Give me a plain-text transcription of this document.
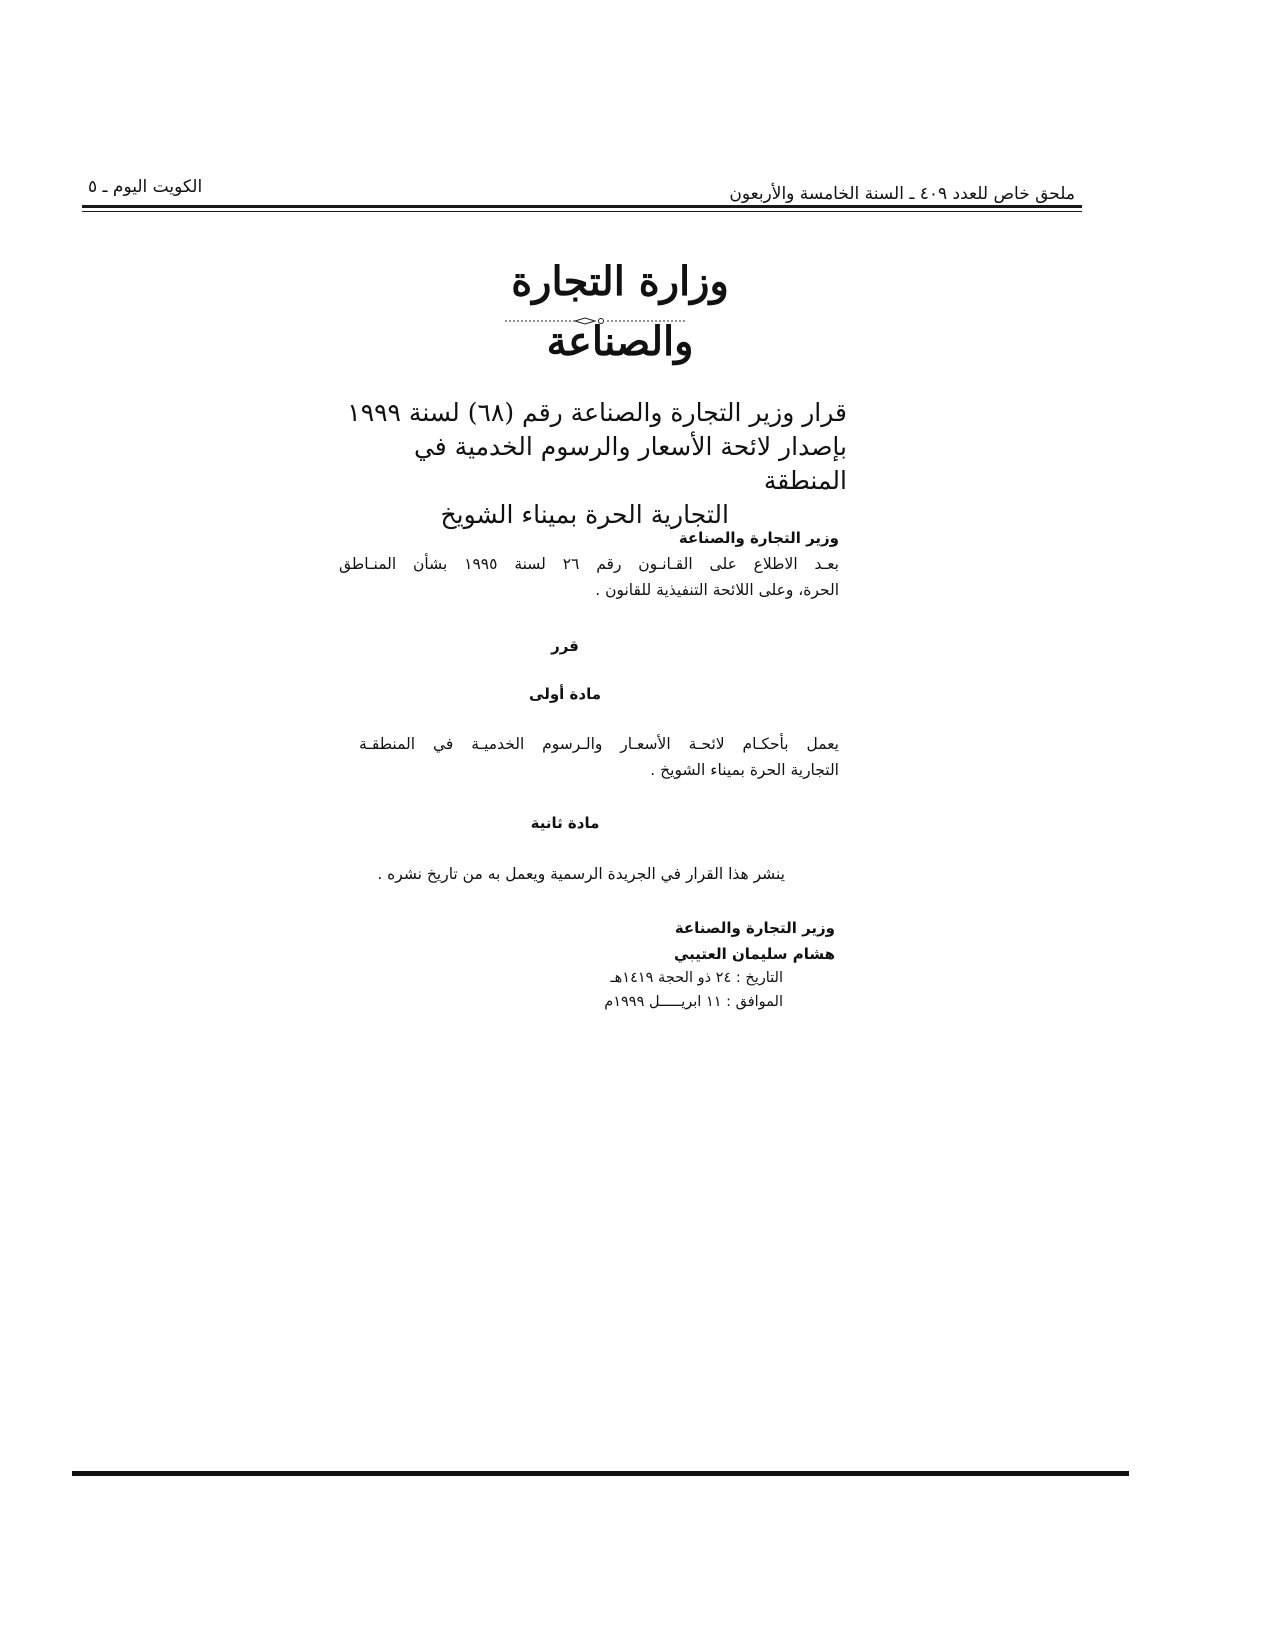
ملحق خاص للعدد ٤٠٩ ـ السنة الخامسة والأربعون
الكويت اليوم ـ ٥
وزارة التجارة والصناعة
قرار وزير التجارة والصناعة رقم (٦٨) لسنة ١٩٩٩
بإصدار لائحة الأسعار والرسوم الخدمية في المنطقة
التجارية الحرة بميناء الشويخ
وزير التجارة والصناعة
بعـد الاطلاع على القـانـون رقم ٢٦ لسنة ١٩٩٥ بشأن المنـاطق
الحرة، وعلى اللائحة التنفيذية للقانون .
قرر
مادة أولى
يعمل بأحكـام لائحـة الأسعـار والـرسوم الخدميـة في المنطقـة
التجارية الحرة بميناء الشويخ .
مادة ثانية
ينشر هذا القرار في الجريدة الرسمية ويعمل به من تاريخ نشره .
وزير التجارة والصناعة
هشام سليمان العتيبي
التاريخ : ٢٤ ذو الحجة ١٤١٩هـ
الموافق : ١١ ابريـــــل ١٩٩٩م
